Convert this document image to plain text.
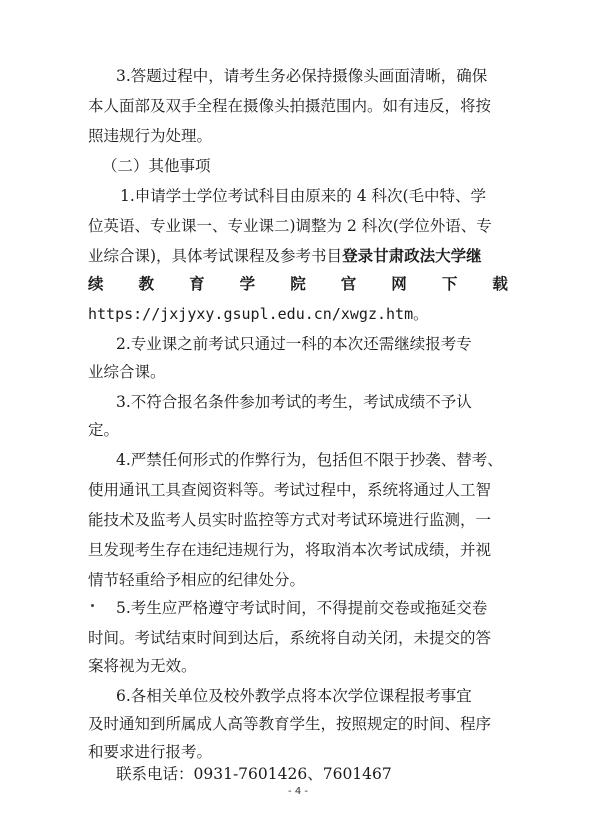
3.答题过程中，请考生务必保持摄像头画面清晰，确保
本人面部及双手全程在摄像头拍摄范围内。如有违反，将按
照违规行为处理。
（二）其他事项
1.申请学士学位考试科目由原来的 4 科次(毛中特、学
位英语、专业课一、专业课二)调整为 2 科次(学位外语、专
业综合课)，具体考试课程及参考书目登录甘肃政法大学继
续 教 育 学 院 官 网 下 载
https://jxjyxy.gsupl.edu.cn/xwgz.htm。
2.专业课之前考试只通过一科的本次还需继续报考专
业综合课。
3.不符合报名条件参加考试的考生，考试成绩不予认
定。
4.严禁任何形式的作弊行为，包括但不限于抄袭、替考、
使用通讯工具查阅资料等。考试过程中，系统将通过人工智
能技术及监考人员实时监控等方式对考试环境进行监测，一
旦发现考生存在违纪违规行为，将取消本次考试成绩，并视
情节轻重给予相应的纪律处分。
5.考生应严格遵守考试时间，不得提前交卷或拖延交卷
时间。考试结束时间到达后，系统将自动关闭，未提交的答
案将视为无效。
6.各相关单位及校外教学点将本次学位课程报考事宜
及时通知到所属成人高等教育学生，按照规定的时间、程序
和要求进行报考。
联系电话：0931-7601426、7601467
- 4 -
